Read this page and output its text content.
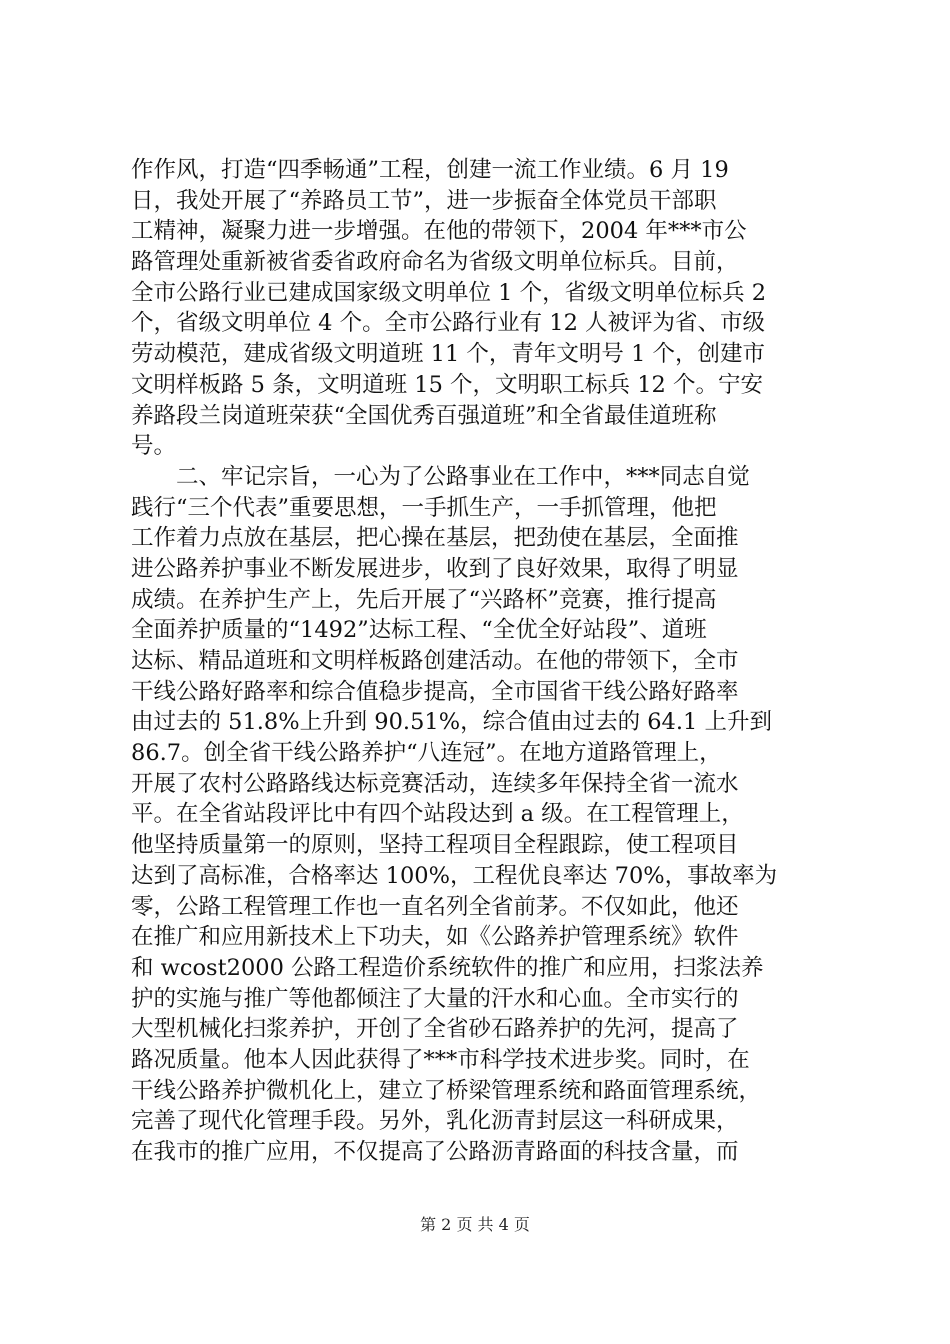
作作风，打造“四季畅通”工程，创建一流工作业绩。6 月 19
日，我处开展了“养路员工节”，进一步振奋全体党员干部职
工精神，凝聚力进一步增强。在他的带领下，2004 年***市公
路管理处重新被省委省政府命名为省级文明单位标兵。目前，
全市公路行业已建成国家级文明单位 1 个，省级文明单位标兵 2
个，省级文明单位 4 个。全市公路行业有 12 人被评为省、市级
劳动模范，建成省级文明道班 11 个，青年文明号 1 个，创建市
文明样板路 5 条，文明道班 15 个，文明职工标兵 12 个。宁安
养路段兰岗道班荣获“全国优秀百强道班”和全省最佳道班称
号。
　　二、牢记宗旨，一心为了公路事业在工作中，***同志自觉
践行“三个代表”重要思想，一手抓生产，一手抓管理，他把
工作着力点放在基层，把心操在基层，把劲使在基层，全面推
进公路养护事业不断发展进步，收到了良好效果，取得了明显
成绩。在养护生产上，先后开展了“兴路杯”竞赛，推行提高
全面养护质量的“1492”达标工程、“全优全好站段”、道班
达标、精品道班和文明样板路创建活动。在他的带领下，全市
干线公路好路率和综合值稳步提高，全市国省干线公路好路率
由过去的 51.8%上升到 90.51%，综合值由过去的 64.1 上升到
86.7。创全省干线公路养护“八连冠”。在地方道路管理上，
开展了农村公路路线达标竞赛活动，连续多年保持全省一流水
平。在全省站段评比中有四个站段达到 a 级。在工程管理上，
他坚持质量第一的原则，坚持工程项目全程跟踪，使工程项目
达到了高标准，合格率达 100%，工程优良率达 70%，事故率为
零，公路工程管理工作也一直名列全省前茅。不仅如此，他还
在推广和应用新技术上下功夫，如《公路养护管理系统》软件
和 wcost2000 公路工程造价系统软件的推广和应用，扫浆法养
护的实施与推广等他都倾注了大量的汗水和心血。全市实行的
大型机械化扫浆养护，开创了全省砂石路养护的先河，提高了
路况质量。他本人因此获得了***市科学技术进步奖。同时，在
干线公路养护微机化上，建立了桥梁管理系统和路面管理系统，
完善了现代化管理手段。另外，乳化沥青封层这一科研成果，
在我市的推广应用，不仅提高了公路沥青路面的科技含量，而
第 2 页 共 4 页
